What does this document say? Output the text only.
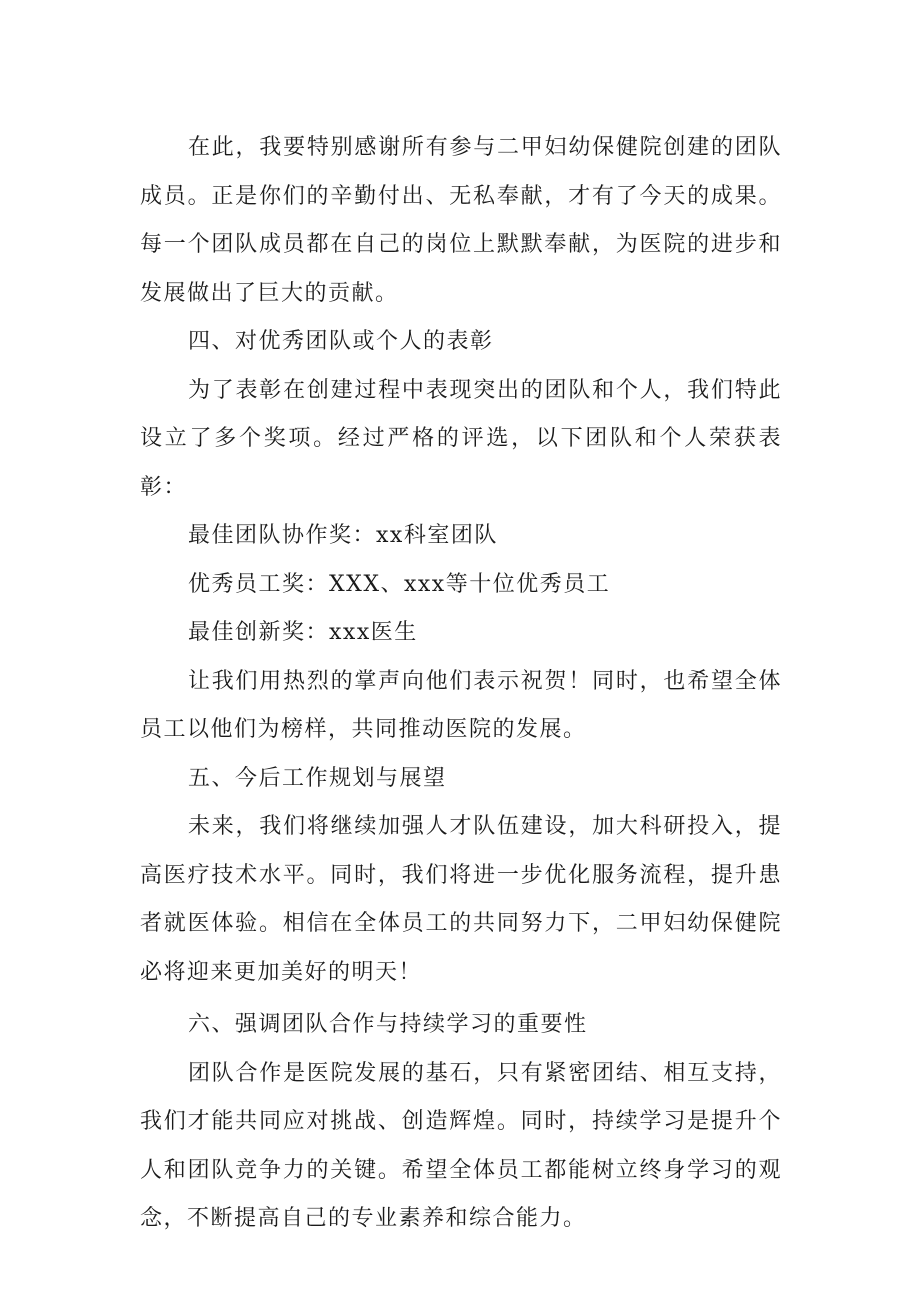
在此，我要特别感谢所有参与二甲妇幼保健院创建的团队成员。正是你们的辛勤付出、无私奉献，才有了今天的成果。每一个团队成员都在自己的岗位上默默奉献，为医院的进步和发展做出了巨大的贡献。

四、对优秀团队或个人的表彰

为了表彰在创建过程中表现突出的团队和个人，我们特此设立了多个奖项。经过严格的评选，以下团队和个人荣获表彰：

最佳团队协作奖：xx科室团队

优秀员工奖：XXX、xxx等十位优秀员工

最佳创新奖：xxx医生

让我们用热烈的掌声向他们表示祝贺！同时，也希望全体员工以他们为榜样，共同推动医院的发展。

五、今后工作规划与展望

未来，我们将继续加强人才队伍建设，加大科研投入，提高医疗技术水平。同时，我们将进一步优化服务流程，提升患者就医体验。相信在全体员工的共同努力下，二甲妇幼保健院必将迎来更加美好的明天！

六、强调团队合作与持续学习的重要性

团队合作是医院发展的基石，只有紧密团结、相互支持，我们才能共同应对挑战、创造辉煌。同时，持续学习是提升个人和团队竞争力的关键。希望全体员工都能树立终身学习的观念，不断提高自己的专业素养和综合能力。
